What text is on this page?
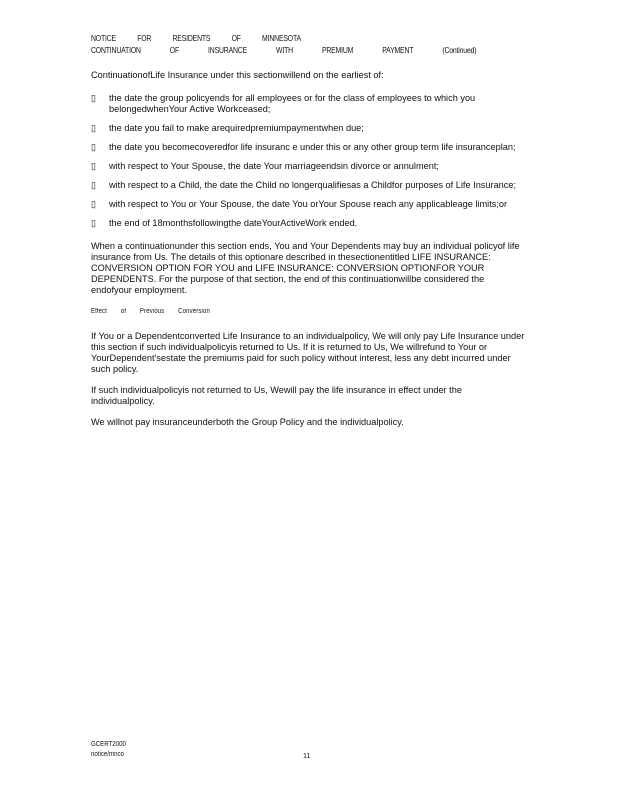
NOTICE	FOR	RESIDENTS	OF	MINNESOTA
CONTINUATION	OF	INSURANCE	WITH	PREMIUM	PAYMENT	(Continued)

ContinuationofLife Insurance under this sectionwillend on the earliest of:

▯ the date the group policyends for all employees or for the class of employees to which you belongedwhenYour Active Workceased;
▯ the date you fail to make arequiredpremiumpaymentwhen due;
▯ the date you becomecoveredfor life insuranc e under this or any other group term life insuranceplan;
▯ with respect to Your Spouse, the date Your marriageendsin divorce or annulment;
▯ with respect to a Child, the date the Child no longerqualifiesas a Childfor purposes of Life Insurance;
▯ with respect to You or Your Spouse, the date You orYour Spouse reach any applicableage limits;or
▯ the end of 18monthsfollowingthe dateYourActiveWork ended.

When a continuationunder this section ends, You and Your Dependents may buy an individual policyof life insurance from Us. The details of this optionare described in thesectionentitled LIFE INSURANCE: CONVERSION OPTION FOR YOU and LIFE INSURANCE: CONVERSION OPTIONFOR YOUR DEPENDENTS. For the purpose of that section, the end of this continuationwillbe considered the endofyour employment.

Effect of Previous Conversion

If You or a Dependentconverted Life Insurance to an individualpolicy, We will only pay Life Insurance under this section if such individualpolicyis returned to Us. If it is returned to Us, We willrefund to Your or YourDependent'sestate the premiums paid for such policy without interest, less any debt incurred under such policy.

If such individualpolicyis not returned to Us, Wewill pay the life insurance in effect under the individualpolicy.

We willnot pay insuranceunderboth the Group Policy and the individualpolicy.

GCERT2000
notice/mnco	11
